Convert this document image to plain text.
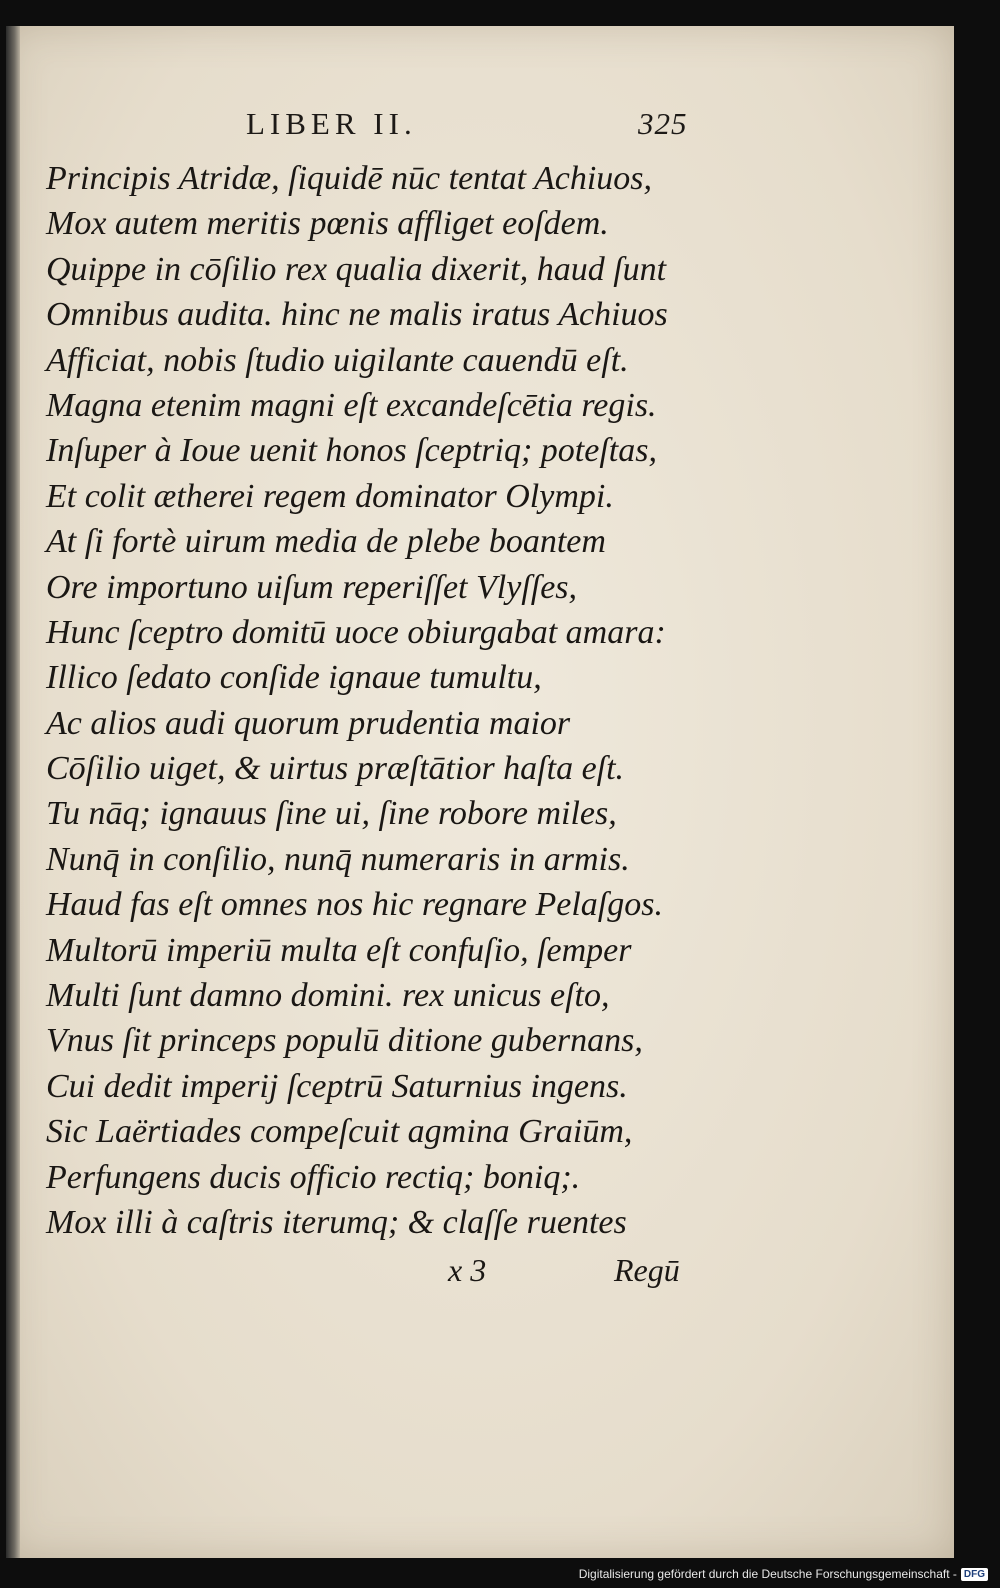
LIBER II.	325
Principis Atridæ, ſiquidē nūc tentat Achiuos,
Mox autem meritis pœnis affliget eoſdem.
Quippe in cōſilio rex qualia dixerit, haud ſunt
Omnibus audita. hinc ne malis iratus Achiuos
Afficiat, nobis ſtudio uigilante cauendū eſt.
Magna etenim magni eſt excandeſcētia regis.
Inſuper à Ioue uenit honos ſceptriq; poteſtas,
Et colit ætherei regem dominator Olympi.
At ſi fortè uirum media de plebe boantem
Ore importuno uiſum reperiſſet Vlyſſes,
Hunc ſceptro domitū uoce obiurgabat amara:
Illico ſedato conſide ignaue tumultu,
Ac alios audi quorum prudentia maior
Cōſilio uiget, & uirtus præſtātior haſta eſt.
Tu nāq; ignauus ſine ui, ſine robore miles,
Nunq̄ in conſilio, nunq̄ numeraris in armis.
Haud fas eſt omnes nos hic regnare Pelaſgos.
Multorū imperiū multa eſt confuſio, ſemper
Multi ſunt damno domini. rex unicus eſto,
Vnus ſit princeps populū ditione gubernans,
Cui dedit imperij ſceptrū Saturnius ingens.
Sic Laërtiades compeſcuit agmina Graiūm,
Perfungens ducis officio rectiq; boniq;.
Mox illi à caſtris iterumq; & claſſe ruentes
x 3	Regū
Digitalisierung gefördert durch die Deutsche Forschungsgemeinschaft - DFG
